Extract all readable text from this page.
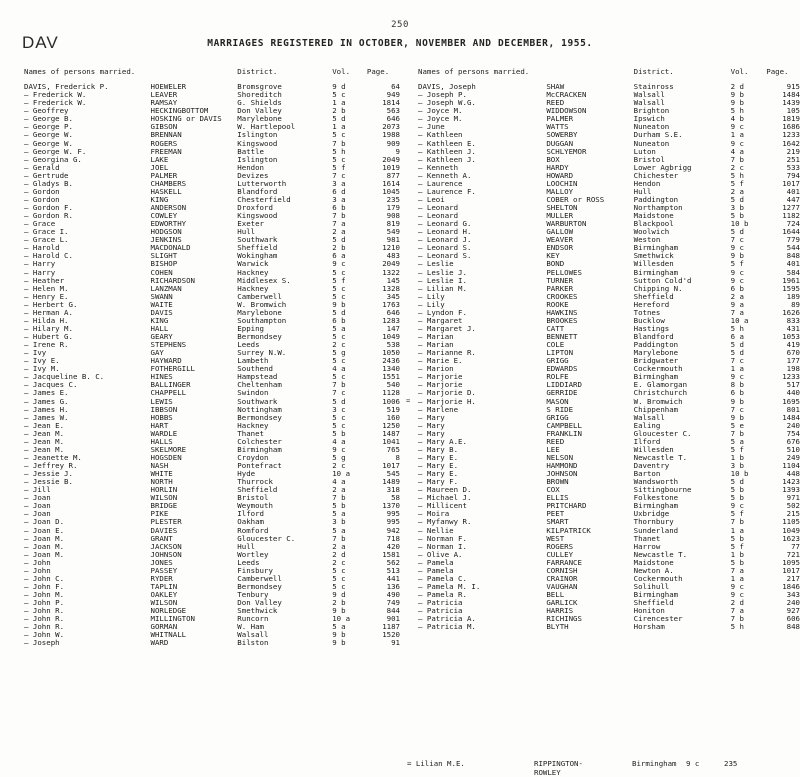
DAV
250
MARRIAGES REGISTERED IN OCTOBER, NOVEMBER AND DECEMBER, 1955.
Names of persons married.		District.	Vol.	Page.
DAVIS, Frederick P.	HOEWELER	Bromsgrove	9 d	64
— Frederick W.	LEAVER	Shoreditch	5 c	949
— Frederick W.	RAMSAY	G. Shields	1 a	1814
— Geoffrey	HECKINGBOTTOM	Don Valley	2 b	563
— George B.	HOSKING or DAVIS	Marylebone	5 d	646
— George P.	GIBSON	W. Hartlepool	1 a	2073
— George W.	BRENNAN	Islington	5 c	1988
— George W.	ROGERS	Kingswood	7 b	909
— George W. F.	FREEMAN	Battle	5 h	9
— Georgina G.	LAKE	Islington	5 c	2049
— Gerald	JOEL	Hendon	5 f	1019
— Gertrude	PALMER	Devizes	7 c	877
— Gladys B.	CHAMBERS	Lutterworth	3 a	1614
— Gordon	HASKELL	Blandford	6 d	1045
— Gordon	KING	Chesterfield	3 a	235
— Gordon F.	ANDERSON	Droxford	6 b	179
— Gordon R.	COWLEY	Kingswood	7 b	908
— Grace	EDWORTHY	Exeter	7 a	819
— Grace I.	HODGSON	Hull	2 a	549
— Grace L.	JENKINS	Southwark	5 d	981
— Harold	MACDONALD	Sheffield	2 b	1210
— Harold C.	SLIGHT	Wokingham	6 a	483
— Harry	BISHOP	Warwick	9 c	2049
— Harry	COHEN	Hackney	5 c	1322
— Heather	RICHARDSON	Middlesex S.	5 f	145
— Helen M.	LANZMAN	Hackney	5 c	1328
— Henry E.	SWANN	Camberwell	5 c	345
— Herbert G.	WAITE	W. Bromwich	9 b	1763
— Herman A.	DAVIS	Marylebone	5 d	646
— Hilda H.	KING	Southampton	6 b	1283
— Hilary M.	HALL	Epping	5 a	147
— Hubert G.	GEARY	Bermondsey	5 c	1049
— Irene R.	STEPHENS	Leeds	2 c	538
— Ivy	GAY	Surrey N.W.	5 g	1050
— Ivy E.	HAYWARD	Lambeth	5 c	2436
— Ivy M.	FOTHERGILL	Southend	4 a	1340
— Jacqueline B. C.	HINES	Hampstead	5 c	1551
— Jacques C.	BALLINGER	Cheltenham	7 b	540
— James E.	CHAPPELL	Swindon	7 c	1128
— James G.	LEWIS	Southwark	5 d	1006
— James H.	IBBSON	Nottingham	3 c	519
— James W.	HOBBS	Bermondsey	5 c	160
— Jean E.	HART	Hackney	5 c	1250
— Jean M.	WARDLE	Thanet	5 b	1487
— Jean M.	HALLS	Colchester	4 a	1041
— Jean M.	SKELMORE	Birmingham	9 c	765
— Jeanette M.	HOGSDEN	Croydon	5 g	8
— Jeffrey R.	NASH	Pontefract	2 c	1017
— Jessie J.	WHITE	Hyde	10 a	545
— Jessie B.	NORTH	Thurrock	4 a	1489
— Jill	HORLIN	Sheffield	2 a	318
— Joan	WILSON	Bristol	7 b	58
— Joan	BRIDGE	Weymouth	5 b	1370
— Joan	PIKE	Ilford	5 a	995
— Joan D.	PLESTER	Oakham	3 b	995
— Joan E.	DAVIES	Romford	5 a	942
— Joan M.	GRANT	Gloucester C.	7 b	718
— Joan M.	JACKSON	Hull	2 a	420
— Joan M.	JOHNSON	Wortley	2 d	1581
— John	JONES	Leeds	2 c	562
— John	PASSEY	Finsbury	5 c	513
— John C.	RYDER	Camberwell	5 c	441
— John F.	TAPLIN	Bermondsey	5 c	136
— John M.	OAKLEY	Tenbury	9 d	490
— John P.	WILSON	Don Valley	2 b	749
— John R.	NORLEDGE	Smethwick	9 b	844
— John R.	MILLINGTON	Runcorn	10 a	901
— John R.	GORMAN	W. Ham	5 a	1187
— John W.	WHITNALL	Walsall	9 b	1520
— Joseph	WARD	Bilston	9 b	91
Names of persons married.		District.	Vol.	Page.
DAVIS, Joseph	SHAW	Stainross	2 d	915
— Joseph P.	McCRACKEN	Walsall	9 b	1484
— Joseph W.G.	REED	Walsall	9 b	1439
— Joyce M.	WIDDOWSON	Brighton	5 h	105
— Joyce M.	PALMER	Ipswich	4 b	1819
— June	WATTS	Nuneaton	9 c	1686
— Kathleen	SOWERBY	Durham S.E.	1 a	1233
— Kathleen E.	DUGGAN	Nuneaton	9 c	1642
— Kathleen J.	SCHLYEMOR	Luton	4 a	219
— Kathleen J.	BOX	Bristol	7 b	251
— Kenneth	HARDY	Lower Agbrigg	2 c	533
— Kenneth A.	HOWARD	Chichester	5 h	794
— Laurence	LOOCHIN	Hendon	5 f	1017
— Laurence F.	MALLOY	Hull	2 a	401
— Leoi	COBER or ROSS	Paddington	5 d	447
— Leonard	SHELTON	Northampton	3 b	1277
— Leonard	MULLER	Maidstone	5 b	1182
— Leonard G.	WARBURTON	Blackpool	10 b	724
— Leonard H.	GALLOW	Woolwich	5 d	1644
— Leonard J.	WEAVER	Weston	7 c	779
— Leonard S.	ENDSOR	Birmingham	9 c	544
— Leonard S.	KEY	Smethwick	9 b	848
— Leslie	BOND	Willesden	5 f	401
— Leslie J.	PELLOWES	Birmingham	9 c	584
— Leslie I.	TURNER	Sutton Cold'd	9 c	1961
— Lilian M.	PARKER	Chipping N.	6 b	1595
— Lily	CROOKES	Sheffield	2 a	189
— Lily	ROOKE	Hereford	9 a	89
— Lyndon F.	HAWKINS	Totnes	7 a	1626
— Margaret	BROOKES	Bucklow	10 a	833
— Margaret J.	CATT	Hastings	5 h	431
— Marian	BENNETT	Blandford	6 a	1053
— Marian	COLE	Paddington	5 d	419
— Marianne R.	LIPTON	Marylebone	5 d	670
— Marie E.	GRIGG	Bridgwater	7 c	177
— Marion	EDWARDS	Cockermouth	1 a	198
— Marjorie	ROLFE	Birmingham	9 c	1233
— Marjorie	LIDDIARD	E. Glamorgan	8 b	517
— Marjorie D.	GERRIDE	Christchurch	6 b	440
— Marjorie H.	MASON	W. Bromwich	9 b	1695
— Marlene	S RIDE	Chippenham	7 c	801
— Mary	GRIGG	Walsall	9 b	1484
— Mary	CAMPBELL	Ealing	5 e	240
— Mary	FRANKLIN	Gloucester C.	7 b	754
— Mary A.E.	REED	Ilford	5 a	676
— Mary B.	LEE	Willesden	5 f	510
— Mary E.	NELSON	Newcastle T.	1 b	249
— Mary E.	HAMMOND	Daventry	3 b	1104
— Mary E.	JOHNSON	Barton	10 b	448
— Mary F.	BROWN	Wandsworth	5 d	1423
— Maureen D.	COX	Sittingbourne	5 b	1393
— Michael J.	ELLIS	Folkestone	5 b	971
— Millicent	PRITCHARD	Birmingham	9 c	502
— Moira	PEET	Uxbridge	5 f	215
— Myfanwy R.	SMART	Thornbury	7 b	1105
— Nellie	KILPATRICK	Sunderland	1 a	1049
— Norman F.	WEST	Thanet	5 b	1623
— Norman I.	ROGERS	Harrow	5 f	77
— Olive A.	CULLEY	Newcastle T.	1 b	721
— Pamela	FARRANCE	Maidstone	5 b	1095
— Pamela	CORNISH	Newton A.	7 a	1017
— Pamela C.	CRAINOR	Cockermouth	1 a	217
— Pamela M. I.	VAUGHAN	Solihull	9 c	1846
— Pamela R.	BELL	Birmingham	9 c	343
— Patricia	GARLICK	Sheffield	2 d	240
— Patricia	HARRIS	Honiton	7 a	927
— Patricia A.	RICHINGS	Cirencester	7 b	606
— Patricia M.	BLYTH	Horsham	5 h	848
=
= Lilian M.E.	RIPPINGTON-
ROWLEY
Birmingham 9 c	235
